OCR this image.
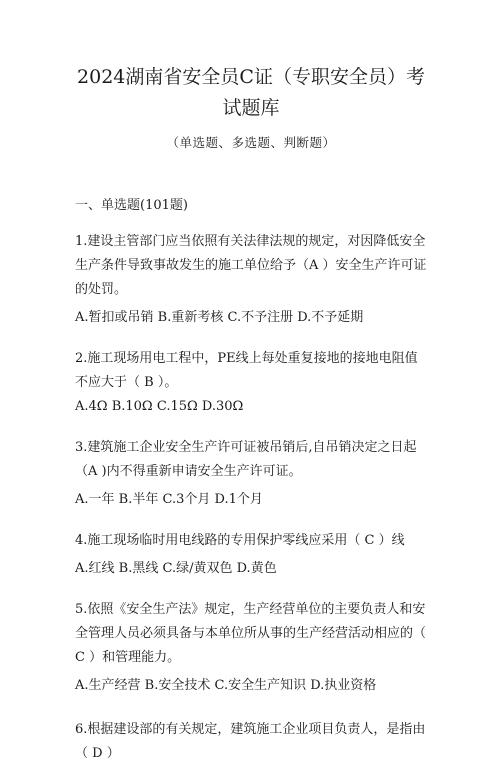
2024湖南省安全员C证（专职安全员）考试题库
（单选题、多选题、判断题）
一、单选题(101题)
1.建设主管部门应当依照有关法律法规的规定，对因降低安全生产条件导致事故发生的施工单位给予（A ）安全生产许可证的处罚。
A.暂扣或吊销 B.重新考核 C.不予注册 D.不予延期
2.施工现场用电工程中，PE线上每处重复接地的接地电阻值不应大于（ B ）。
A.4Ω B.10Ω C.15Ω D.30Ω
3.建筑施工企业安全生产许可证被吊销后,自吊销决定之日起（A )内不得重新申请安全生产许可证。
A.一年 B.半年 C.3个月 D.1个月
4.施工现场临时用电线路的专用保护零线应采用（ C ）线
A.红线 B.黑线 C.绿/黄双色 D.黄色
5.依照《安全生产法》规定，生产经营单位的主要负责人和安全管理人员必须具备与本单位所从事的生产经营活动相应的（ C ）和管理能力。
A.生产经营 B.安全技术 C.安全生产知识 D.执业资格
6.根据建设部的有关规定，建筑施工企业项目负责人，是指由（ D ）
